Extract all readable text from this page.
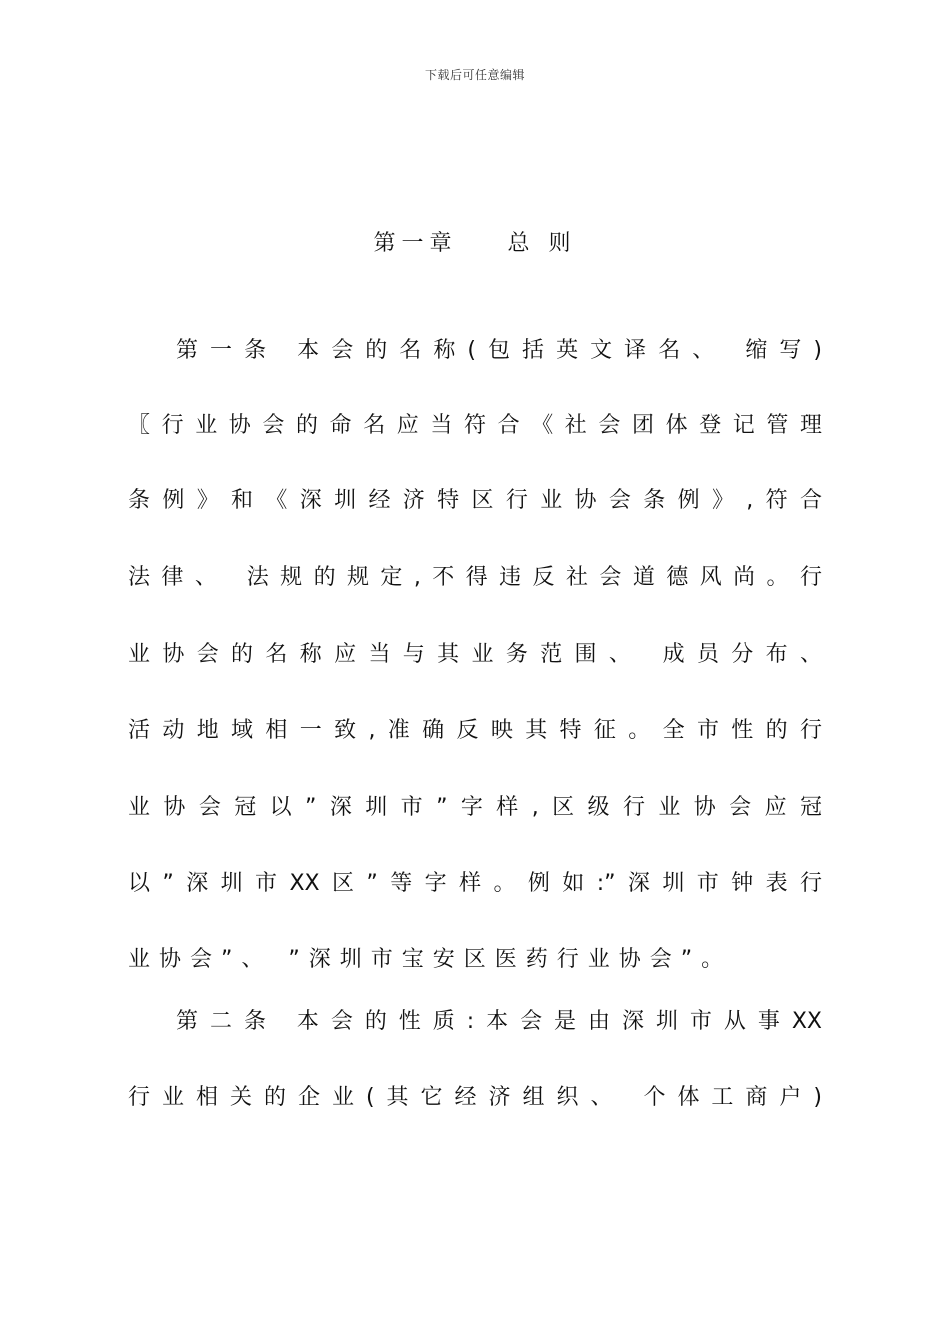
下载后可任意编辑
第一章 总 则
第一条 本会的名称(包括英文译名、 缩写)
〖行业协会的命名应当符合《社会团体登记管理
条例》和《深圳经济特区行业协会条例》,符合
法律、 法规的规定,不得违反社会道德风尚。行
业协会的名称应当与其业务范围、 成员分布、
活动地域相一致,准确反映其特征。全市性的行
业协会冠以”深圳市”字样,区级行业协会应冠
以”深圳市XX区”等字样。例如:”深圳市钟表行
业协会”、 ”深圳市宝安区医药行业协会”。
第二条 本会的性质:本会是由深圳市从事XX
行业相关的企业(其它经济组织、 个体工商户)
